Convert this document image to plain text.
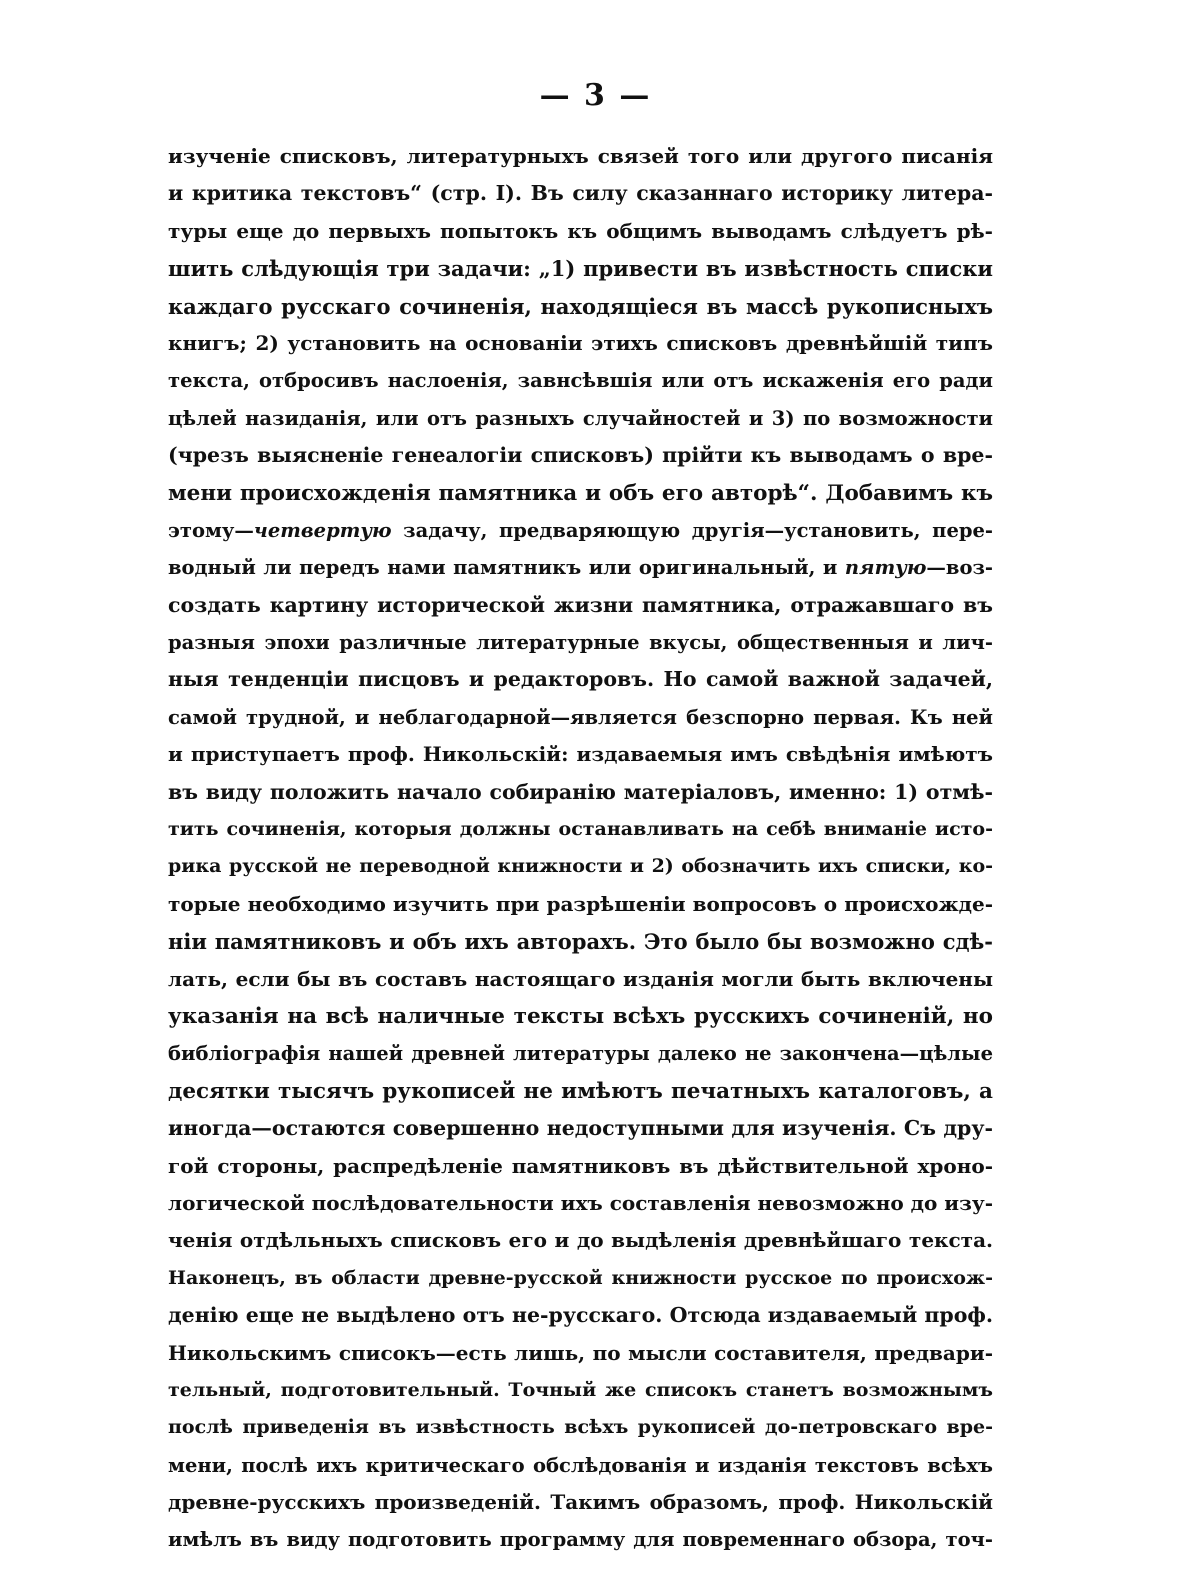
— 3 —
изученіе списковъ, литературныхъ связей того или другого писанія
и критика текстовъ“ (стр. I). Въ силу сказаннаго историку литера-
туры еще до первыхъ попытокъ къ общимъ выводамъ слѣдуетъ рѣ-
шить слѣдующія три задачи: „1) привести въ извѣстность списки
каждаго русскаго сочиненія, находящіеся въ массѣ рукописныхъ
книгъ; 2) установить на основаніи этихъ списковъ древнѣйшій типъ
текста, отбросивъ наслоенія, завнсѣвшія или отъ искаженія его ради
цѣлей назиданія, или отъ разныхъ случайностей и 3) по возможности
(чрезъ выясненіе генеалогіи списковъ) прійти къ выводамъ о вре-
мени происхожденія памятника и объ его авторѣ“. Добавимъ къ
этому—четвертую задачу, предваряющую другія—установить, пере-
водный ли передъ нами памятникъ или оригинальный, и пятую—воз-
создать картину исторической жизни памятника, отражавшаго въ
разныя эпохи различные литературные вкусы, общественныя и лич-
ныя тенденціи писцовъ и редакторовъ. Но самой важной задачей,
самой трудной, и неблагодарной—является безспорно первая. Къ ней
и приступаетъ проф. Никольскій: издаваемыя имъ свѣдѣнія имѣютъ
въ виду положить начало собиранію матеріаловъ, именно: 1) отмѣ-
тить сочиненія, которыя должны останавливать на себѣ вниманіе исто-
рика русской не переводной книжности и 2) обозначить ихъ списки, ко-
торые необходимо изучить при разрѣшеніи вопросовъ о происхожде-
ніи памятниковъ и объ ихъ авторахъ. Это было бы возможно сдѣ-
лать, если бы въ составъ настоящаго изданія могли быть включены
указанія на всѣ наличные тексты всѣхъ русскихъ сочиненій, но
библіографія нашей древней литературы далеко не закончена—цѣлые
десятки тысячъ рукописей не имѣютъ печатныхъ каталоговъ, а
иногда—остаются совершенно недоступными для изученія. Съ дру-
гой стороны, распредѣленіе памятниковъ въ дѣйствительной хроно-
логической послѣдовательности ихъ составленія невозможно до изу-
ченія отдѣльныхъ списковъ его и до выдѣленія древнѣйшаго текста.
Наконецъ, въ области древне-русской книжности русское по происхож-
денію еще не выдѣлено отъ не-русскаго. Отсюда издаваемый проф.
Никольскимъ списокъ—есть лишь, по мысли составителя, предвари-
тельный, подготовительный. Точный же списокъ станетъ возможнымъ
послѣ приведенія въ извѣстность всѣхъ рукописей до-петровскаго вре-
мени, послѣ ихъ критическаго обслѣдованія и изданія текстовъ всѣхъ
древне-русскихъ произведеній. Такимъ образомъ, проф. Никольскій
имѣлъ въ виду подготовить программу для повременнаго обзора, точ-
